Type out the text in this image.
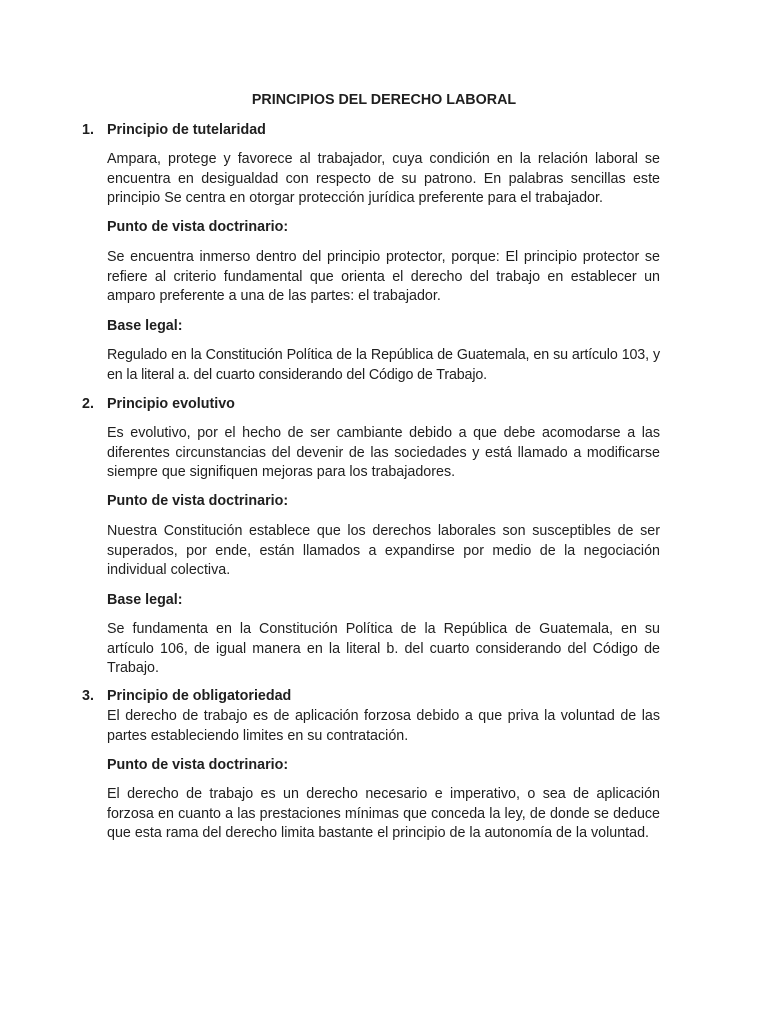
PRINCIPIOS DEL DERECHO LABORAL
1. Principio de tutelaridad

Ampara, protege y favorece al trabajador, cuya condición en la relación laboral se encuentra en desigualdad con respecto de su patrono. En palabras sencillas este principio Se centra en otorgar protección jurídica preferente para el trabajador.

Punto de vista doctrinario:

Se encuentra inmerso dentro del principio protector, porque: El principio protector se refiere al criterio fundamental que orienta el derecho del trabajo en establecer un amparo preferente a una de las partes: el trabajador.

Base legal:

Regulado en la Constitución Política de la República de Guatemala, en su artículo 103, y en la literal a. del cuarto considerando del Código de Trabajo.

2. Principio evolutivo

Es evolutivo, por el hecho de ser cambiante debido a que debe acomodarse a las diferentes circunstancias del devenir de las sociedades y está llamado a modificarse siempre que signifiquen mejoras para los trabajadores.

Punto de vista doctrinario:

Nuestra Constitución establece que los derechos laborales son susceptibles de ser superados, por ende, están llamados a expandirse por medio de la negociación individual colectiva.

Base legal:

Se fundamenta en la Constitución Política de la República de Guatemala, en su artículo 106, de igual manera en la literal b. del cuarto considerando del Código de Trabajo.

3. Principio de obligatoriedad

El derecho de trabajo es de aplicación forzosa debido a que priva la voluntad de las partes estableciendo limites en su contratación.

Punto de vista doctrinario:

El derecho de trabajo es un derecho necesario e imperativo, o sea de aplicación forzosa en cuanto a las prestaciones mínimas que conceda la ley, de donde se deduce que esta rama del derecho limita bastante el principio de la autonomía de la voluntad.
